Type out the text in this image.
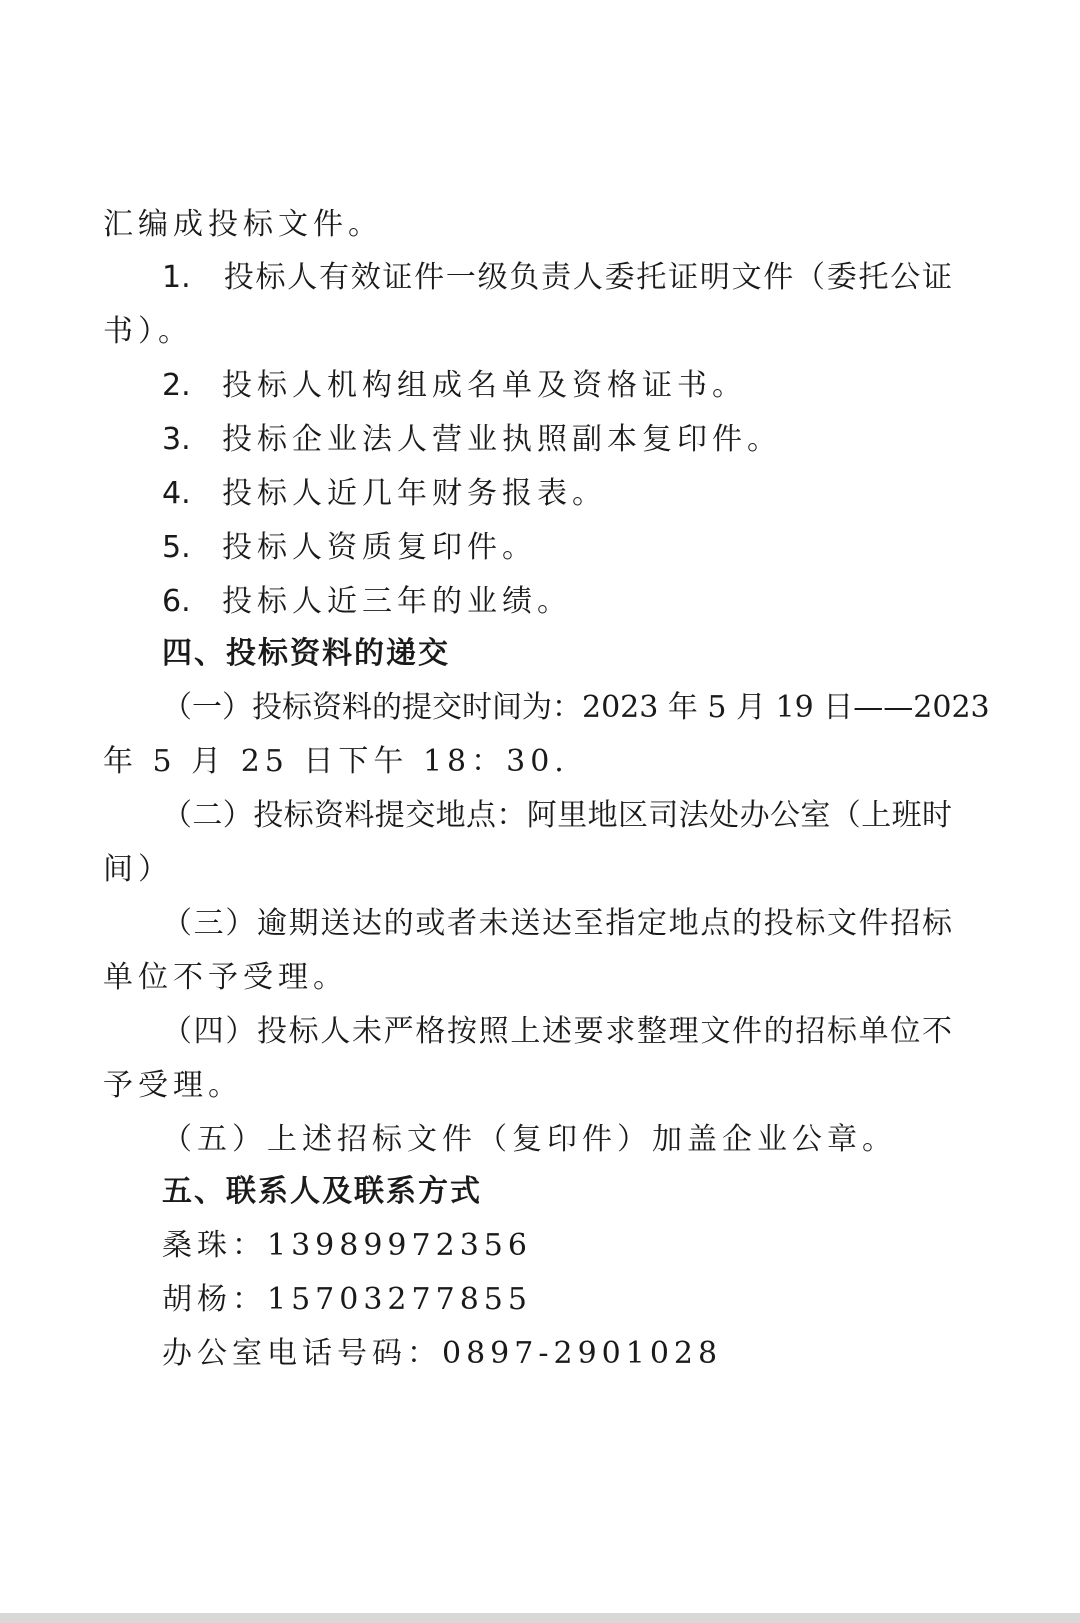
汇编成投标文件。
1. 投标人有效证件一级负责人委托证明文件（委托公证
书）。
2. 投标人机构组成名单及资格证书。
3. 投标企业法人营业执照副本复印件。
4. 投标人近几年财务报表。
5. 投标人资质复印件。
6. 投标人近三年的业绩。
四、投标资料的递交
（一）投标资料的提交时间为：2023 年 5 月 19 日——2023
年 5 月 25 日下午 18：30.
（二）投标资料提交地点：阿里地区司法处办公室（上班时
间）
（三）逾期送达的或者未送达至指定地点的投标文件招标
单位不予受理。
（四）投标人未严格按照上述要求整理文件的招标单位不
予受理。
（五）上述招标文件（复印件）加盖企业公章。
五、联系人及联系方式
桑珠：13989972356
胡杨：15703277855
办公室电话号码：0897-2901028
